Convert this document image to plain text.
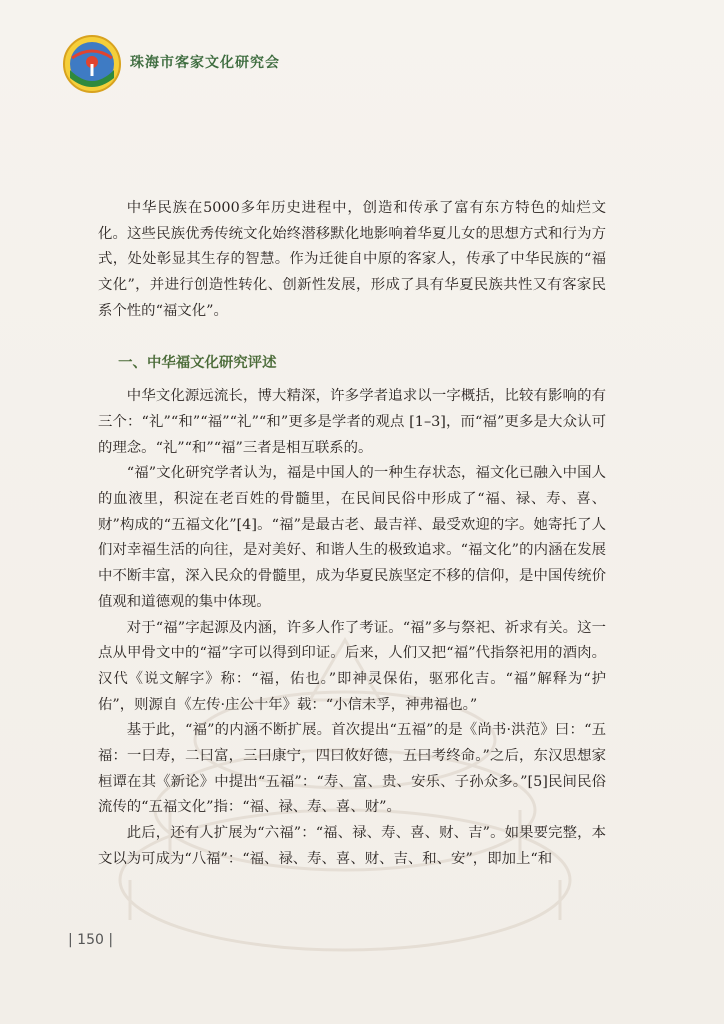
珠海市客家文化研究会

中华民族在5000多年历史进程中，创造和传承了富有东方特色的灿烂文化。这些民族优秀传统文化始终潜移默化地影响着华夏儿女的思想方式和行为方式，处处彰显其生存的智慧。作为迁徙自中原的客家人，传承了中华民族的“福文化”，并进行创造性转化、创新性发展，形成了具有华夏民族共性又有客家民系个性的“福文化”。

一、中华福文化研究评述

中华文化源远流长，博大精深，许多学者追求以一字概括，比较有影响的有三个：“礼”“和”“福”“礼”“和”更多是学者的观点 [1–3]，而“福”更多是大众认可的理念。“礼”“和”“福”三者是相互联系的。

“福”文化研究学者认为，福是中国人的一种生存状态，福文化已融入中国人的血液里，积淀在老百姓的骨髓里，在民间民俗中形成了“福、禄、寿、喜、财”构成的“五福文化”[4]。“福”是最古老、最吉祥、最受欢迎的字。她寄托了人们对幸福生活的向往，是对美好、和谐人生的极致追求。“福文化”的内涵在发展中不断丰富，深入民众的骨髓里，成为华夏民族坚定不移的信仰，是中国传统价值观和道德观的集中体现。

对于“福”字起源及内涵，许多人作了考证。“福”多与祭祀、祈求有关。这一点从甲骨文中的“福”字可以得到印证。后来，人们又把“福”代指祭祀用的酒肉。汉代《说文解字》称：“福，佑也。”即神灵保佑，驱邪化吉。“福”解释为“护佑”，则源自《左传·庄公十年》载：“小信未孚，神弗福也。”

基于此，“福”的内涵不断扩展。首次提出“五福”的是《尚书·洪范》曰：“五福：一曰寿，二曰富，三曰康宁，四曰攸好德，五曰考终命。”之后，东汉思想家桓谭在其《新论》中提出“五福”：“寿、富、贵、安乐、子孙众多。”[5]民间民俗流传的“五福文化”指：“福、禄、寿、喜、财”。

此后，还有人扩展为“六福”：“福、禄、寿、喜、财、吉”。如果要完整，本文以为可成为“八福”：“福、禄、寿、喜、财、吉、和、安”，即加上“和

| 150 |
